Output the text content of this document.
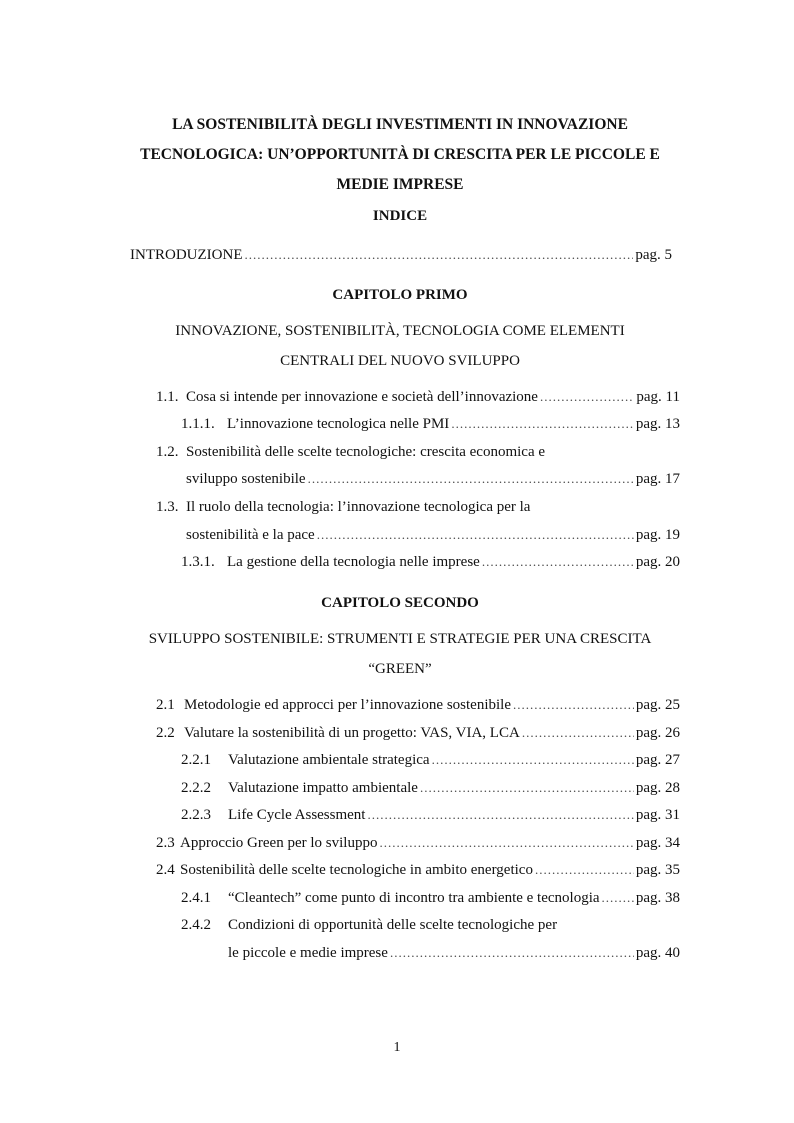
LA SOSTENIBILITÀ DEGLI INVESTIMENTI IN INNOVAZIONE
TECNOLOGICA: UN’OPPORTUNITÀ DI CRESCITA PER LE PICCOLE E
MEDIE IMPRESE
INDICE
INTRODUZIONE .....	pag. 5
CAPITOLO PRIMO
INNOVAZIONE, SOSTENIBILITÀ, TECNOLOGIA COME ELEMENTI
CENTRALI DEL NUOVO SVILUPPO
1.1. Cosa si intende per innovazione e società dell’innovazione .....	pag. 11
1.1.1. L’innovazione tecnologica nelle PMI .....	pag. 13
1.2. Sostenibilità delle scelte tecnologiche: crescita economica e
sviluppo sostenibile .....	pag. 17
1.3. Il ruolo della tecnologia: l’innovazione tecnologica per la
sostenibilità e la pace .....	pag. 19
1.3.1. La gestione della tecnologia nelle imprese .....	pag. 20
CAPITOLO SECONDO
SVILUPPO SOSTENIBILE: STRUMENTI E STRATEGIE PER UNA CRESCITA
“GREEN”
2.1 Metodologie ed approcci per l’innovazione sostenibile .....	pag. 25
2.2 Valutare la sostenibilità di un progetto: VAS, VIA, LCA .....	pag. 26
2.2.1	Valutazione ambientale strategica .....	pag. 27
2.2.2	Valutazione impatto ambientale .....	pag. 28
2.2.3	Life Cycle Assessment .....	pag. 31
2.3 Approccio Green per lo sviluppo .....	pag. 34
2.4 Sostenibilità delle scelte tecnologiche in ambito energetico .....	pag. 35
2.4.1	“Cleantech” come punto di incontro tra ambiente e tecnologia ..... pag. 38
2.4.2	Condizioni di opportunità delle scelte tecnologiche per
le piccole e medie imprese .....	pag. 40
1
